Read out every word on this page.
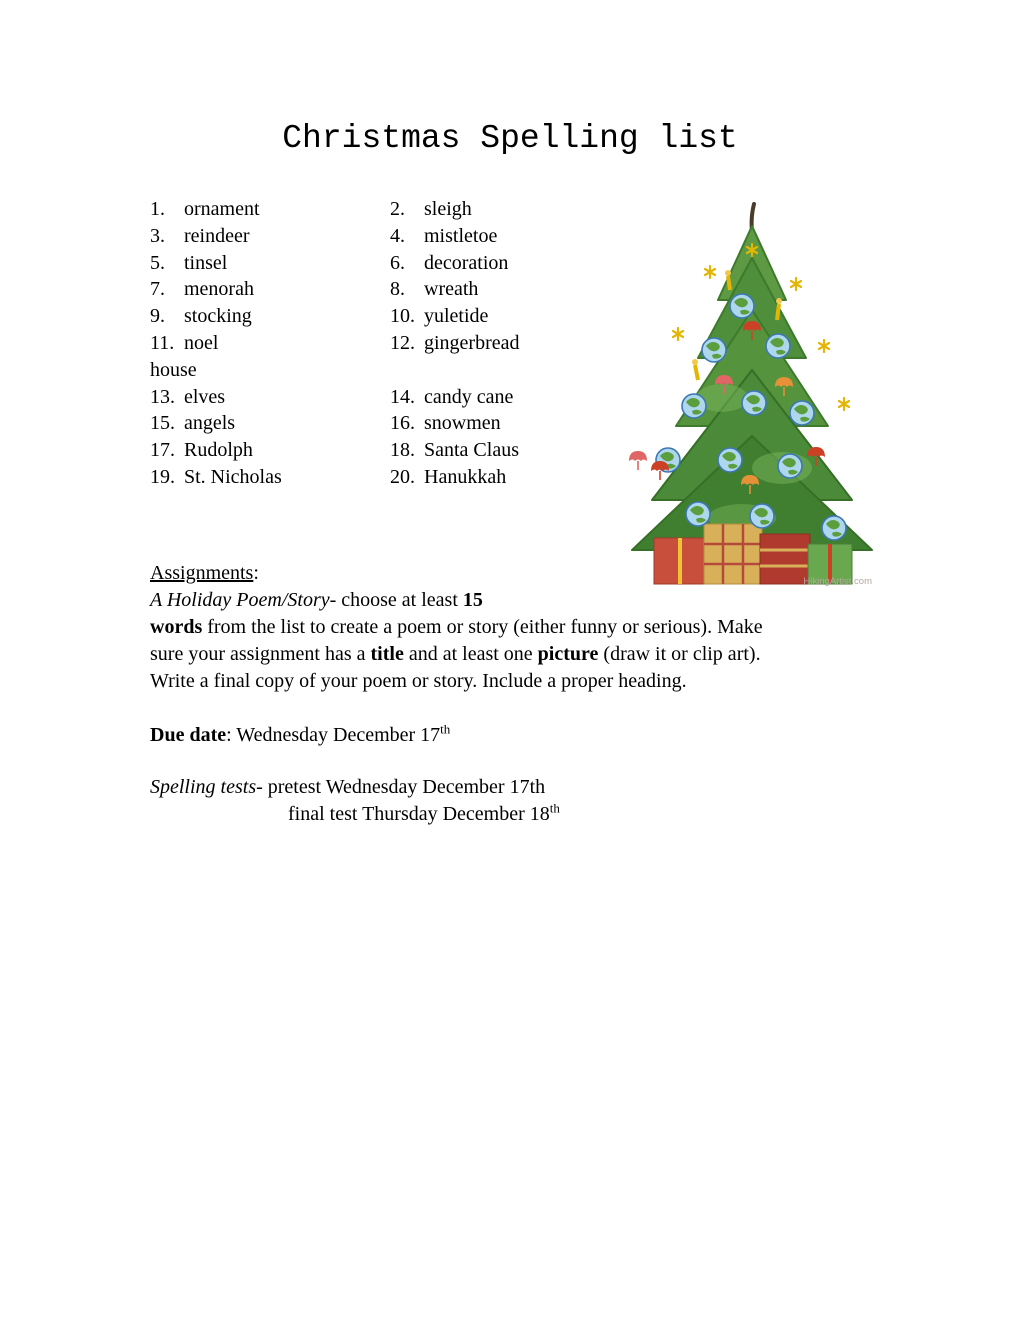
Christmas Spelling list
1. ornament	2. sleigh
3. reindeer	4. mistletoe
5. tinsel	6. decoration
7. menorah	8. wreath
9. stocking	10. yuletide
11. noel	12. gingerbread
house
13. elves	14. candy cane
15. angels	16. snowmen
17. Rudolph	18. Santa Claus
19. St. Nicholas	20. Hanukkah
HikingArtist.com
Assignments:
A Holiday Poem/Story- choose at least 15
words from the list to create a poem or story (either funny or serious). Make
sure your assignment has a title and at least one picture (draw it or clip art).
Write a final copy of your poem or story. Include a proper heading.
Due date: Wednesday December 17th
Spelling tests- pretest Wednesday December 17th
final test Thursday December 18th
